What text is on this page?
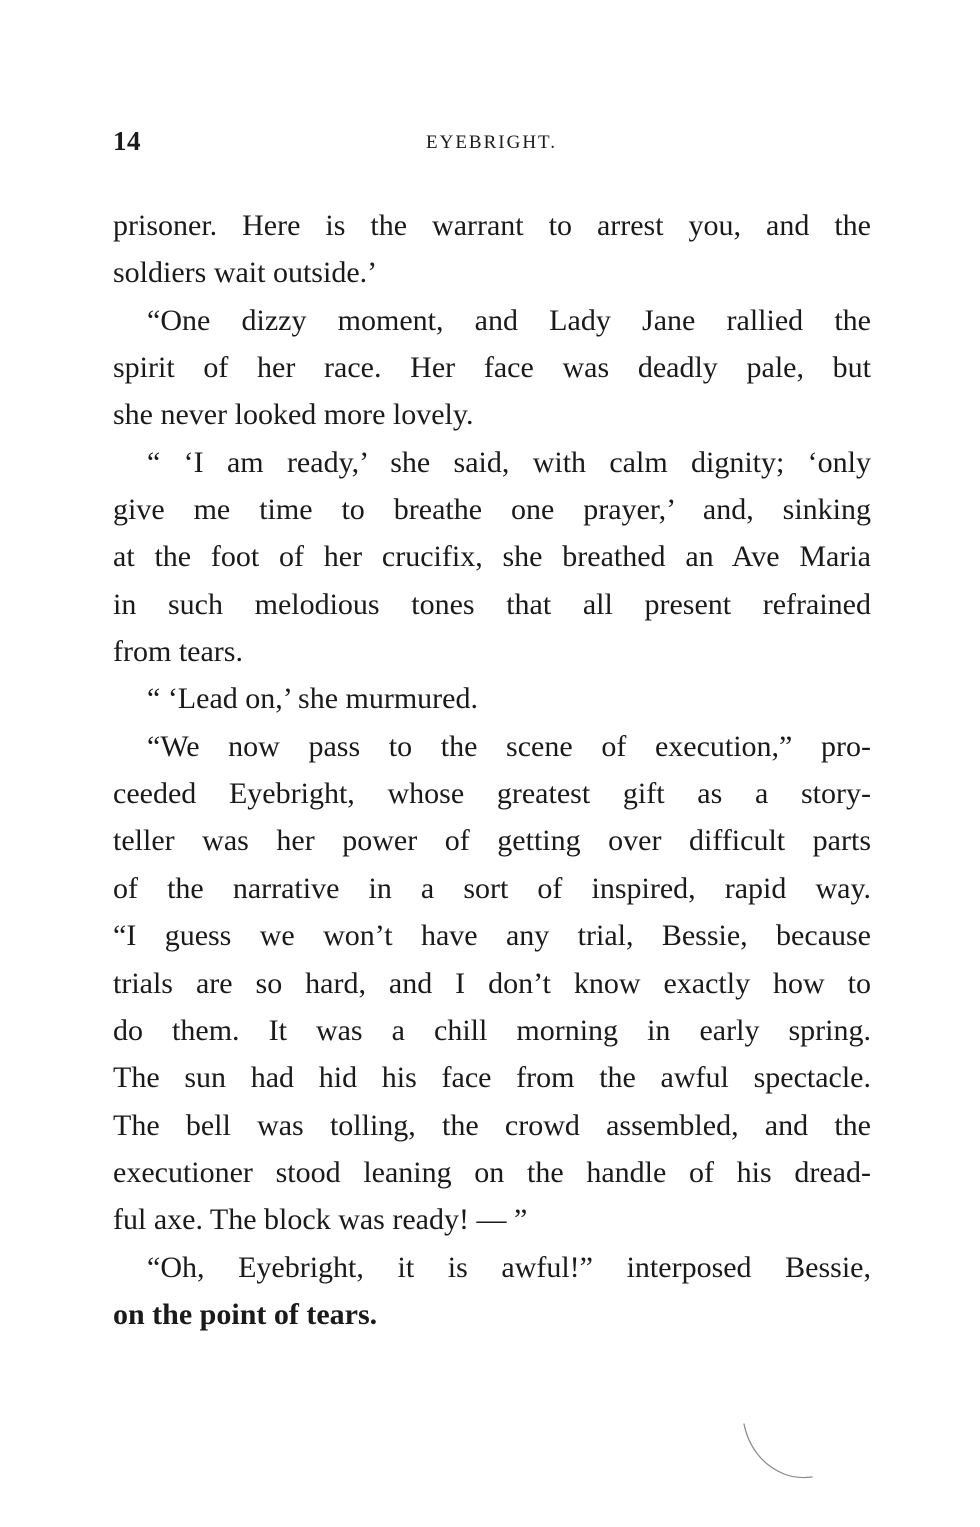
14	EYEBRIGHT.
prisoner. Here is the warrant to arrest you, and the
soldiers wait outside.’
“One dizzy moment, and Lady Jane rallied the
spirit of her race. Her face was deadly pale, but
she never looked more lovely.
“ ‘I am ready,’ she said, with calm dignity; ‘only
give me time to breathe one prayer,’ and, sinking
at the foot of her crucifix, she breathed an Ave Maria
in such melodious tones that all present refrained
from tears.
“ ‘Lead on,’ she murmured.
“We now pass to the scene of execution,” pro-
ceeded Eyebright, whose greatest gift as a story-
teller was her power of getting over difficult parts
of the narrative in a sort of inspired, rapid way.
“I guess we won’t have any trial, Bessie, because
trials are so hard, and I don’t know exactly how to
do them. It was a chill morning in early spring.
The sun had hid his face from the awful spectacle.
The bell was tolling, the crowd assembled, and the
executioner stood leaning on the handle of his dread-
ful axe. The block was ready! — ”
“Oh, Eyebright, it is awful!” interposed Bessie,
on the point of tears.
